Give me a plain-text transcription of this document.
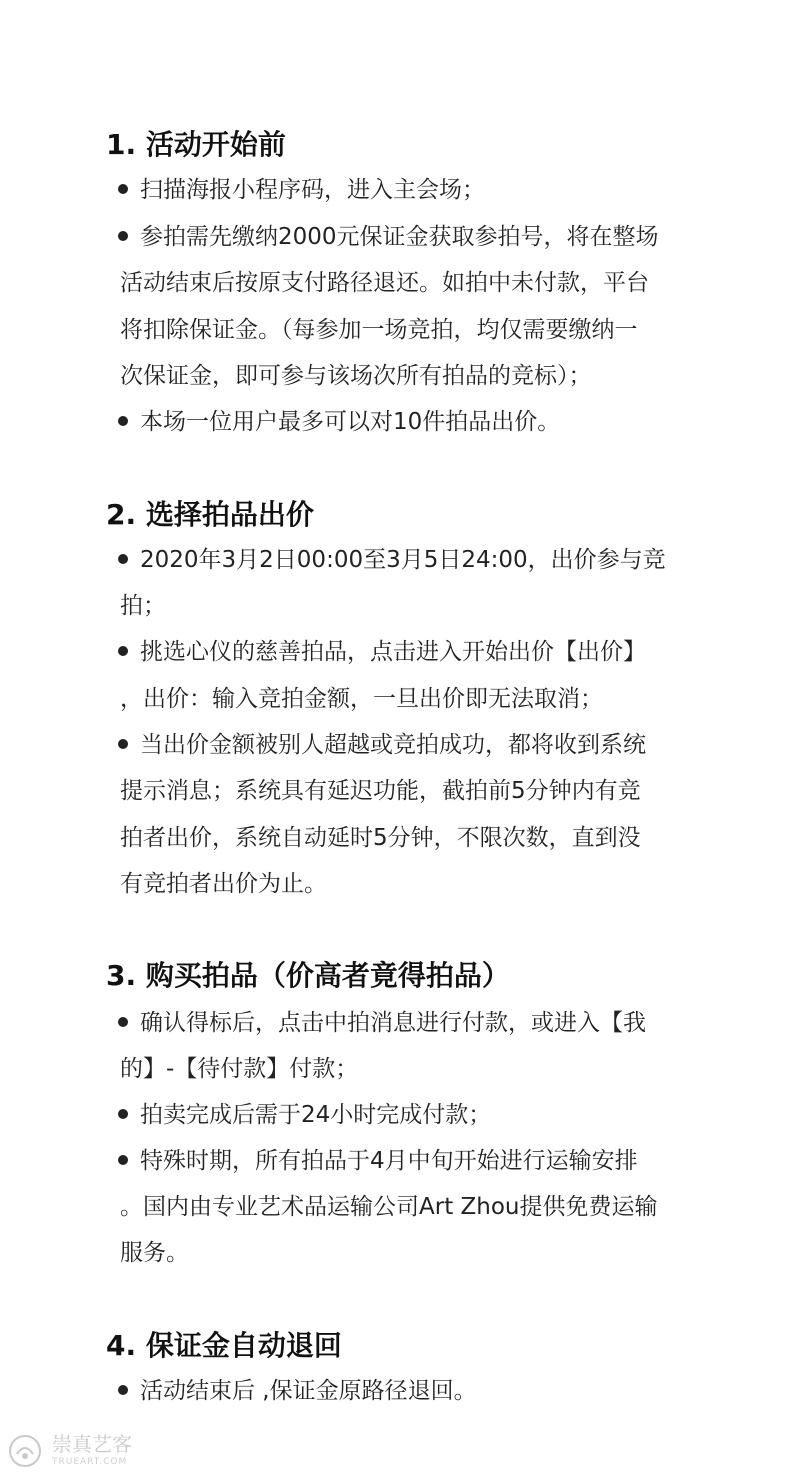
1. 活动开始前
扫描海报小程序码，进入主会场；
参拍需先缴纳2000元保证金获取参拍号，将在整场
活动结束后按原支付路径退还。如拍中未付款，平台
将扣除保证金。（每参加一场竞拍，均仅需要缴纳一
次保证金，即可参与该场次所有拍品的竞标）；
本场一位用户最多可以对10件拍品出价。
2. 选择拍品出价
2020年3月2日00:00至3月5日24:00，出价参与竞
拍；
挑选心仪的慈善拍品，点击进入开始出价【出价】
，出价：输入竞拍金额，一旦出价即无法取消；
当出价金额被别人超越或竞拍成功，都将收到系统
提示消息；系统具有延迟功能，截拍前5分钟内有竞
拍者出价，系统自动延时5分钟，不限次数，直到没
有竞拍者出价为止。
3. 购买拍品（价高者竟得拍品）
确认得标后，点击中拍消息进行付款，或进入【我
的】-【待付款】付款；
拍卖完成后需于24小时完成付款；
特殊时期，所有拍品于4月中旬开始进行运输安排
。国内由专业艺术品运输公司Art Zhou提供免费运输
服务。
4. 保证金自动退回
活动结束后 ,保证金原路径退回。
崇真艺客
TRUEART.COM
